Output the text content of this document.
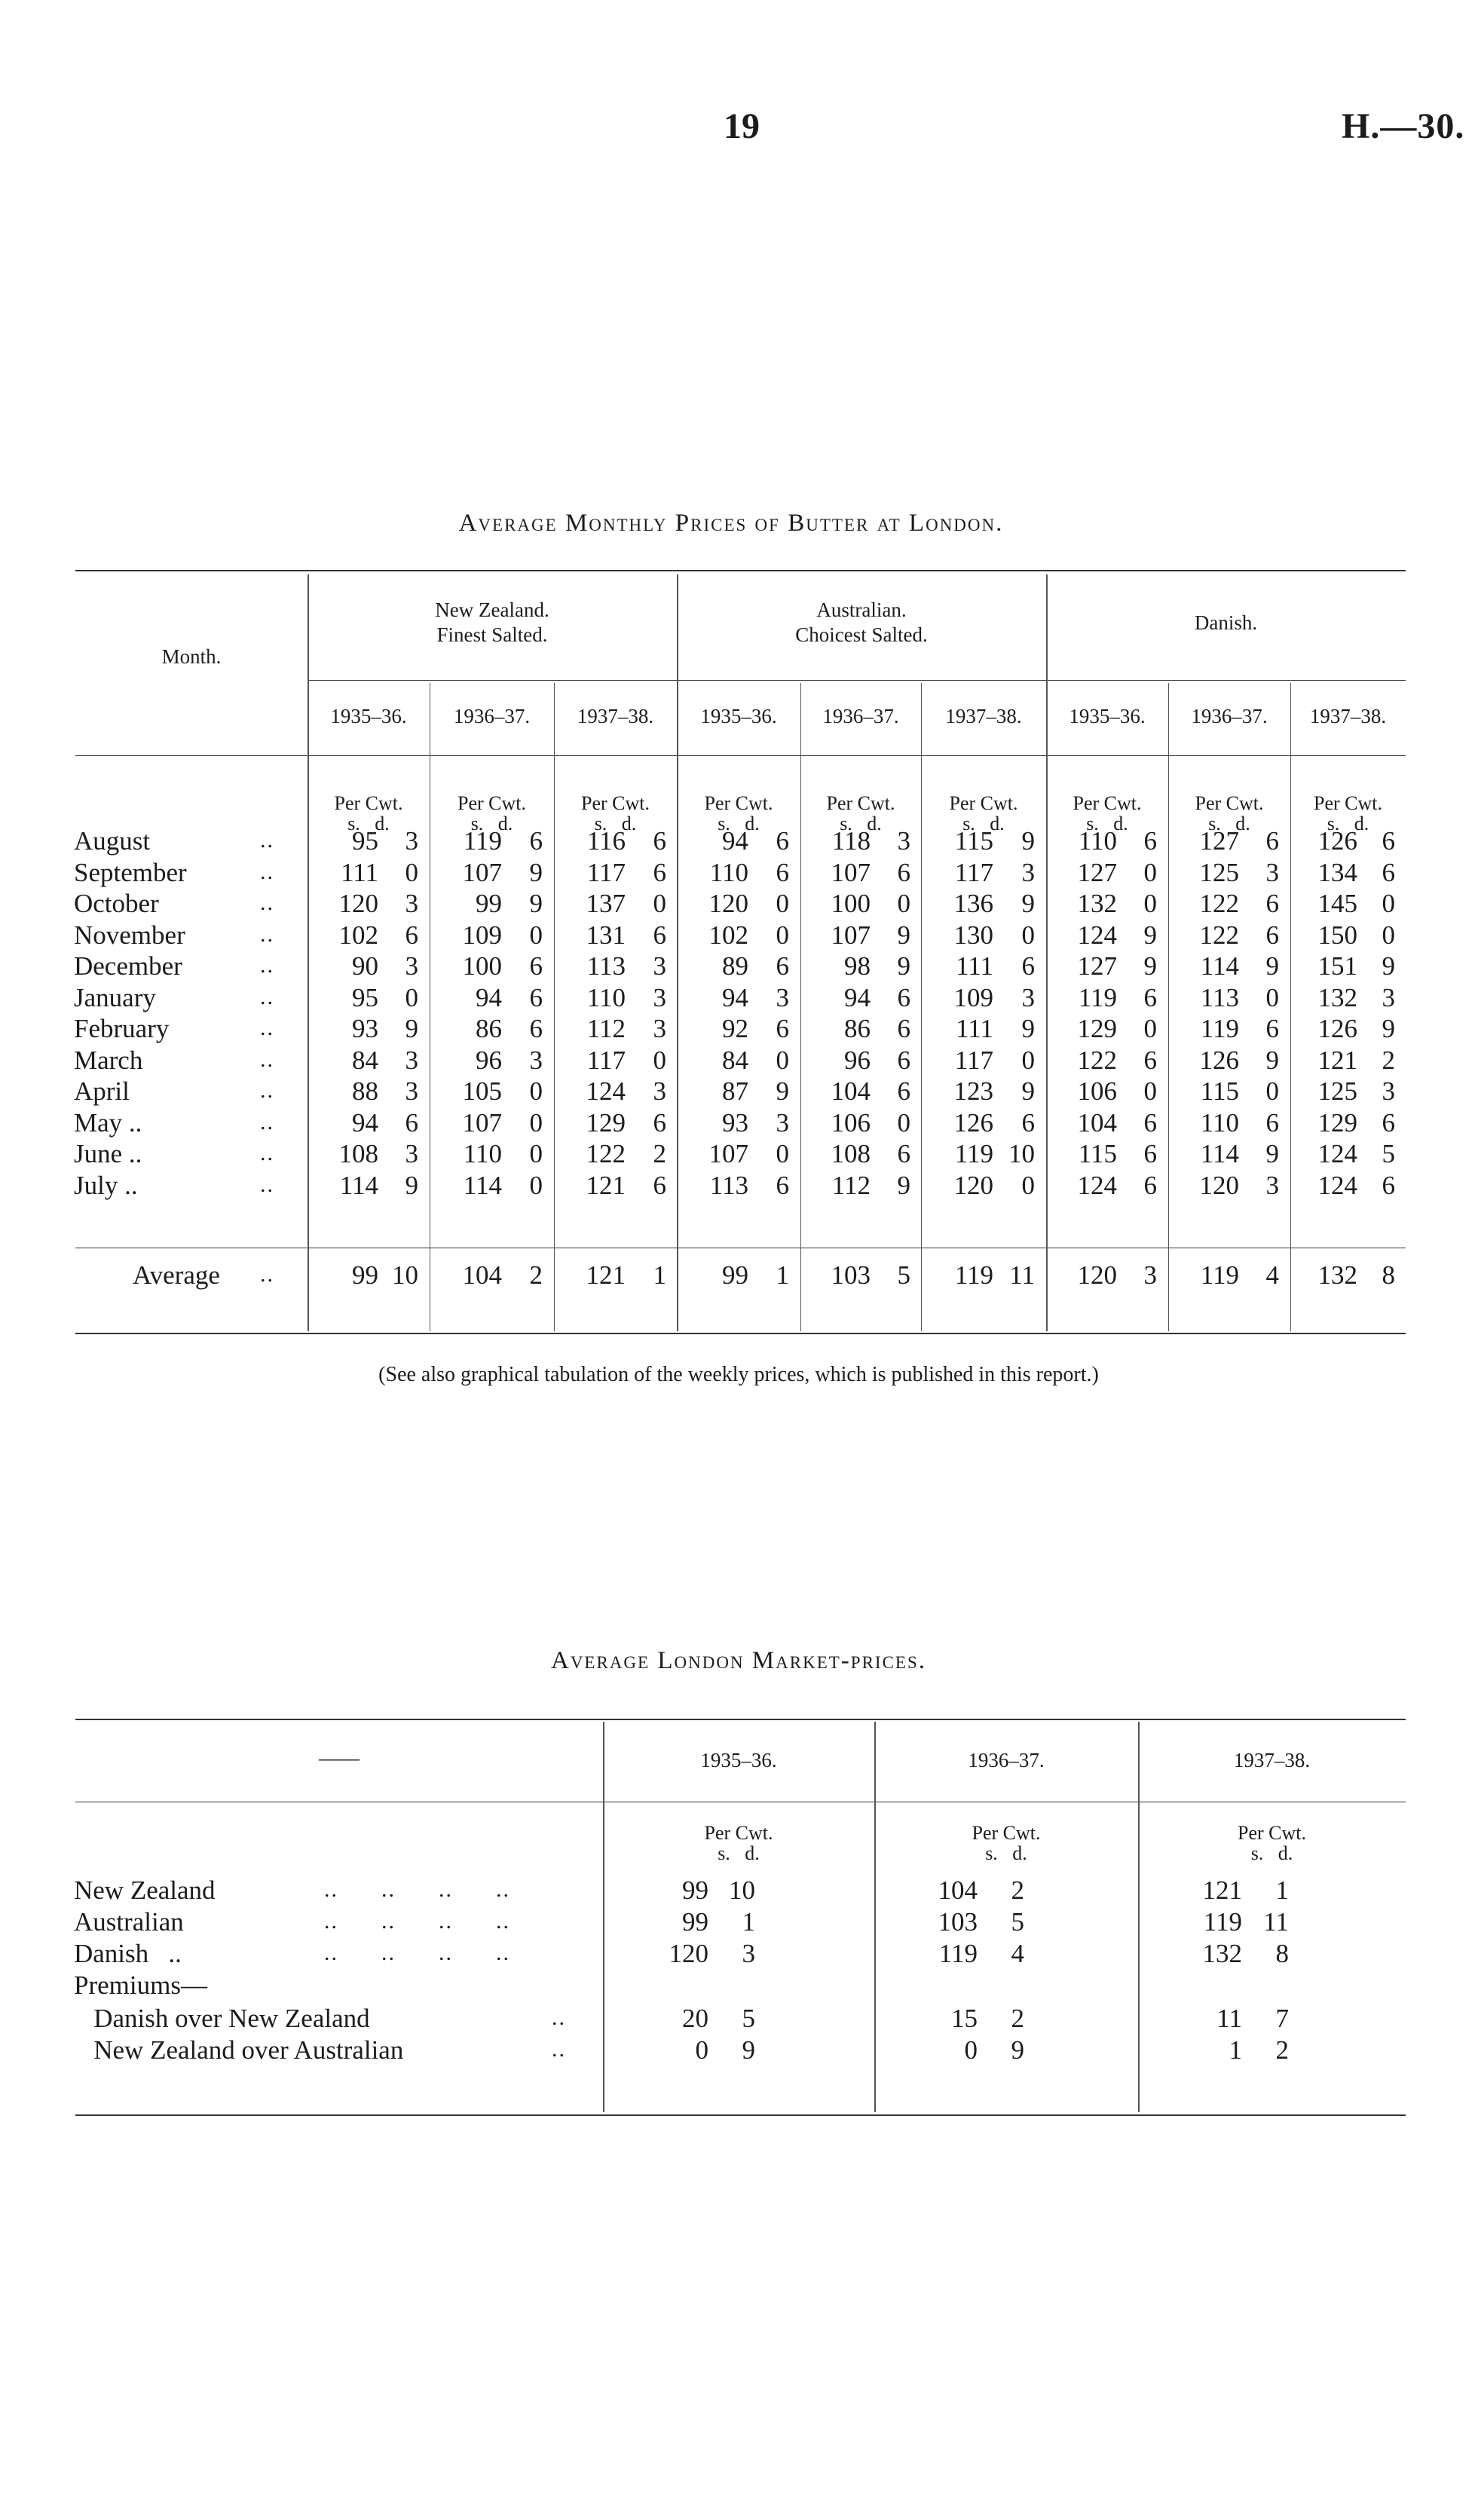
19	H.—30.
Average Monthly Prices of Butter at London.
Month.
New Zealand.
Finest Salted.
Australian.
Choicest Salted.
Danish.
1935–36.	1936–37.	1937–38.	1935–36.	1936–37.	1937–38.	1935–36.	1936–37.	1937–38.
Per Cwt.
s.   d.
Per Cwt.
s.   d.
Per Cwt.
s.   d.
Per Cwt.
s.   d.
Per Cwt.
s.   d.
Per Cwt.
s.   d.
Per Cwt.
s.   d.
Per Cwt.
s.   d.
Per Cwt.
s.   d.
August	..	95	3	119	6	116	6	94	6	118	3	115	9	110	6	127	6	126 6
September	..	111	0	107	9	117	6	110	6	107	6	117	3	127	0	125	3	134 6
October	..	120	3	99	9	137	0	120	0	100	0	136	9	132	0	122	6	145 0
November	..	102	6	109	0	131	6	102	0	107	9	130	0	124	9	122	6	150 0
December	..	90	3	100	6	113	3	89	6	98	9	111	6	127	9	114	9	151 9
January	..	95	0	94	6	110	3	94	3	94	6	109	3	119	6	113	0	132 3
February	..	93	9	86	6	112	3	92	6	86	6	111	9	129	0	119	6	126 9
March	..	84	3	96	3	117	0	84	0	96	6	117	0	122	6	126	9	121 2
April	..	88	3	105	0	124	3	87	9	104	6	123	9	106	0	115	0	125 3
May ..	..	94	6	107	0	129	6	93	3	106	0	126	6	104	6	110	6	129 6
June ..	..	108	3	110	0	122	2	107	0	108	6	119 10	115	6	114	9	124 5
July ..	..	114	9	114	0	121	6	113	6	112	9	120	0	124	6	120	3	124 6
Average ..	99 10	104	2	121	1	99	1	103	5	119 11	120	3	119	4	132 8
(See also graphical tabulation of the weekly prices, which is published in this report.)
Average London Market-prices.
——	1935–36.	1936–37.	1937–38.
Per Cwt.
s.   d.
Per Cwt.
s.   d.
Per Cwt.
s.   d.
New Zealand	..      ..      ..      ..	99 10	104	2	121	1
Australian	..      ..      ..      ..	99	1	103	5	119 11
Danish   ..	..      ..      ..      ..	120	3	119	4	132	8
Premiums—
Danish over New Zealand	..	20	5	15	2	11	7
New Zealand over Australian	..	0	9	0	9	1	2
